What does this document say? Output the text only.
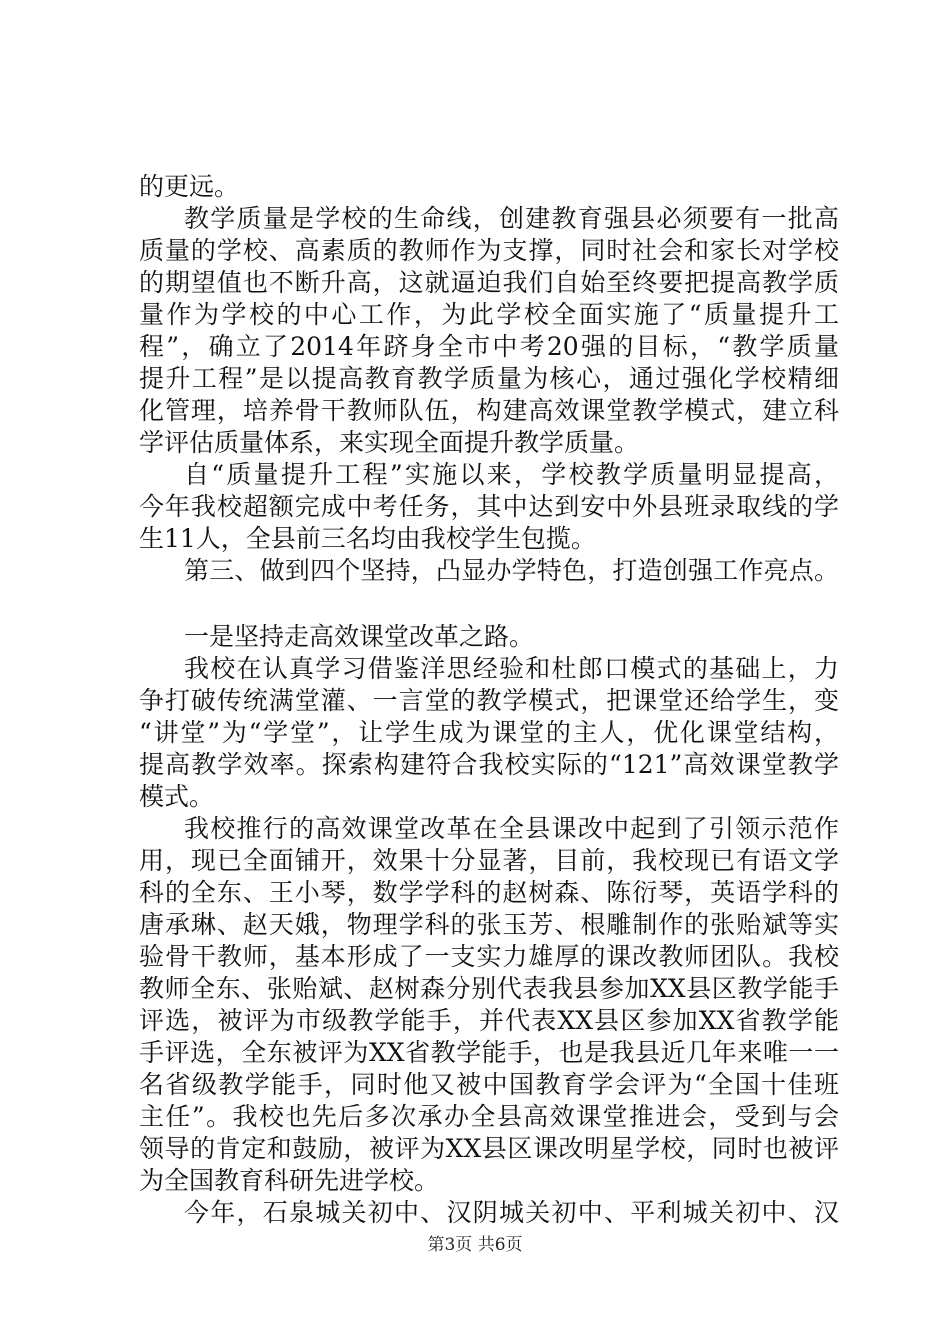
的更远。
教学质量是学校的生命线，创建教育强县必须要有一批高
质量的学校、高素质的教师作为支撑，同时社会和家长对学校
的期望值也不断升高，这就逼迫我们自始至终要把提高教学质
量作为学校的中心工作，为此学校全面实施了“质量提升工
程”，确立了2014年跻身全市中考20强的目标，“教学质量
提升工程”是以提高教育教学质量为核心，通过强化学校精细
化管理，培养骨干教师队伍，构建高效课堂教学模式，建立科
学评估质量体系，来实现全面提升教学质量。
自“质量提升工程”实施以来，学校教学质量明显提高，
今年我校超额完成中考任务，其中达到安中外县班录取线的学
生11人，全县前三名均由我校学生包揽。
第三、做到四个坚持，凸显办学特色，打造创强工作亮点。
一是坚持走高效课堂改革之路。
我校在认真学习借鉴洋思经验和杜郎口模式的基础上，力
争打破传统满堂灌、一言堂的教学模式，把课堂还给学生，变
“讲堂”为“学堂”，让学生成为课堂的主人，优化课堂结构，
提高教学效率。探索构建符合我校实际的“121”高效课堂教学
模式。
我校推行的高效课堂改革在全县课改中起到了引领示范作
用，现已全面铺开，效果十分显著，目前，我校现已有语文学
科的全东、王小琴，数学学科的赵树森、陈衍琴，英语学科的
唐承琳、赵天娥，物理学科的张玉芳、根雕制作的张贻斌等实
验骨干教师，基本形成了一支实力雄厚的课改教师团队。我校
教师全东、张贻斌、赵树森分别代表我县参加XX县区教学能手
评选，被评为市级教学能手，并代表XX县区参加XX省教学能
手评选，全东被评为XX省教学能手，也是我县近几年来唯一一
名省级教学能手，同时他又被中国教育学会评为“全国十佳班
主任”。我校也先后多次承办全县高效课堂推进会，受到与会
领导的肯定和鼓励，被评为XX县区课改明星学校，同时也被评
为全国教育科研先进学校。
今年，石泉城关初中、汉阴城关初中、平利城关初中、汉
第3页 共6页
